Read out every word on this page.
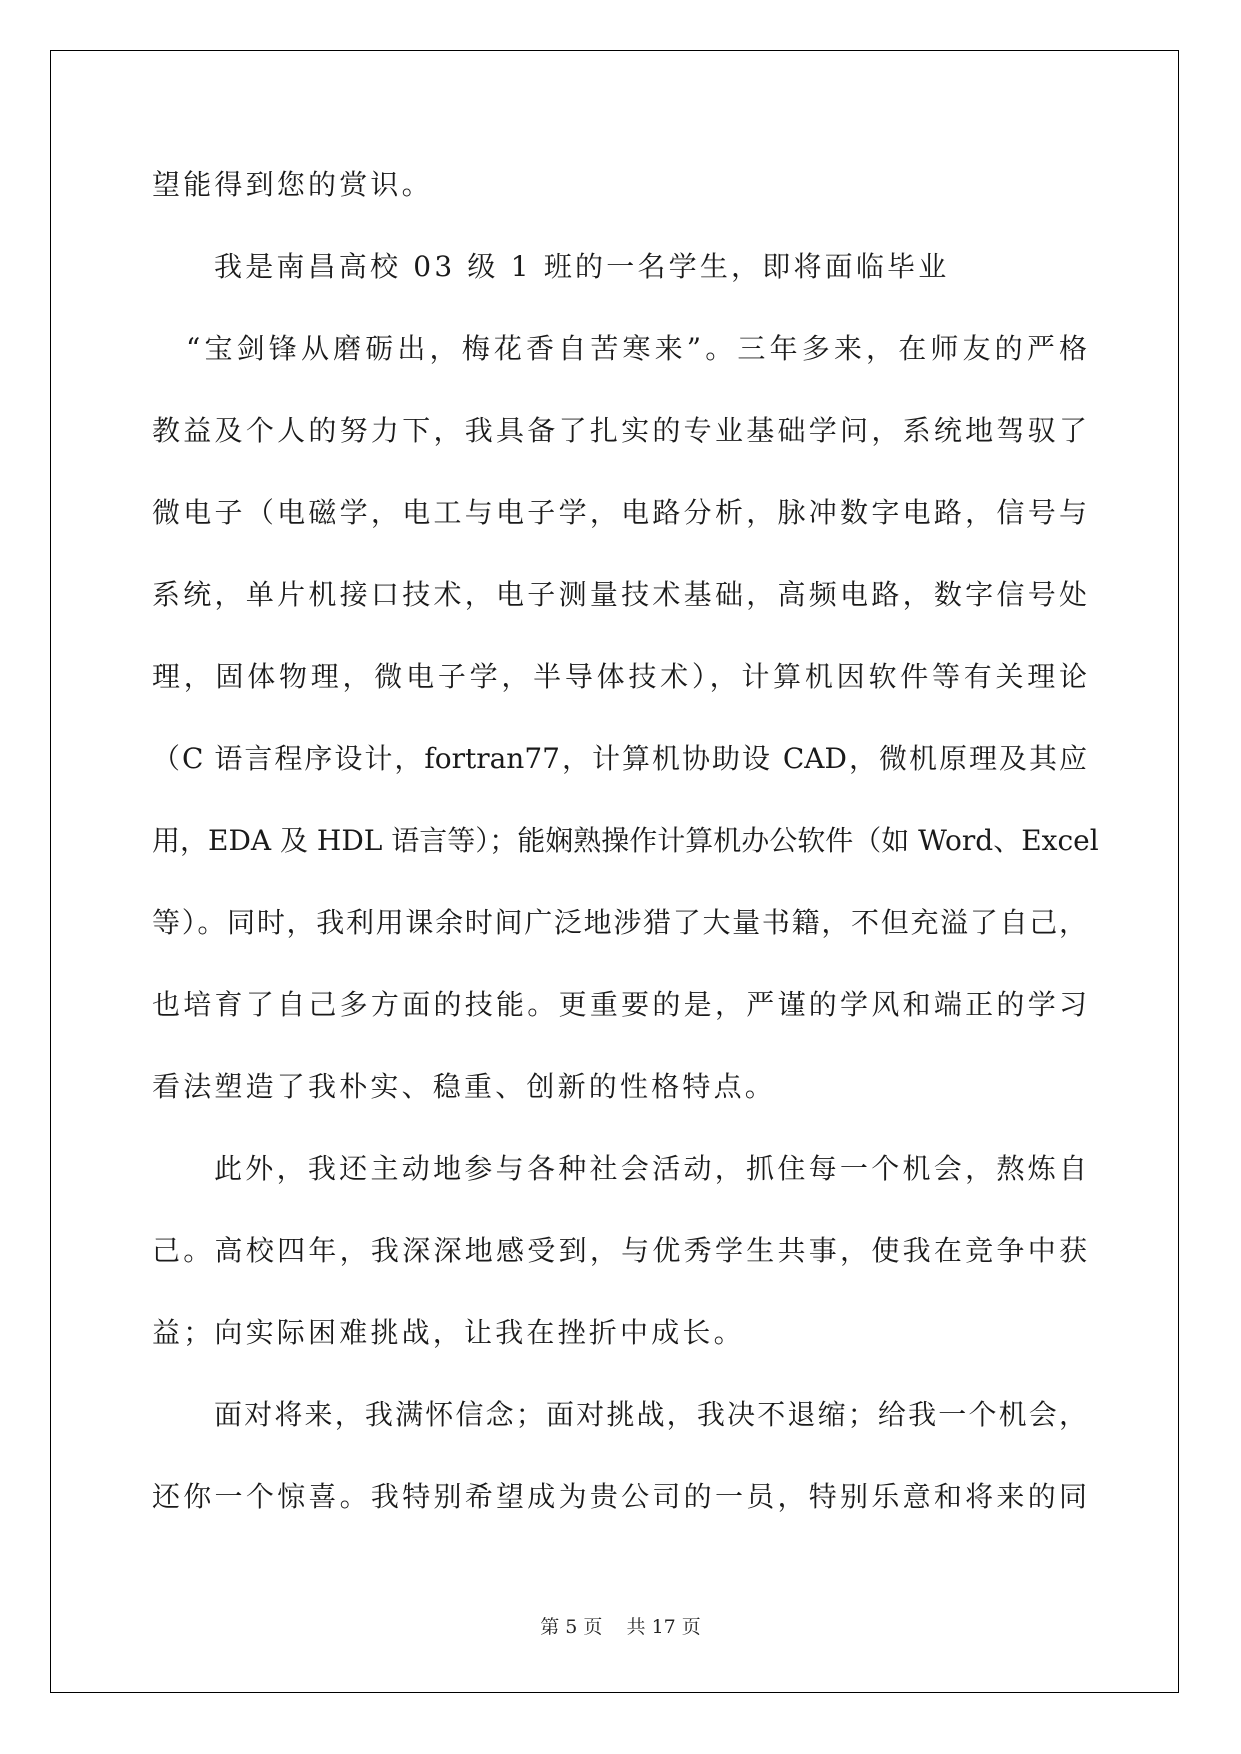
望能得到您的赏识。
我是南昌高校 03 级 1 班的一名学生，即将面临毕业
“宝剑锋从磨砺出，梅花香自苦寒来”。三年多来，在师友的严格
教益及个人的努力下，我具备了扎实的专业基础学问，系统地驾驭了
微电子（电磁学，电工与电子学，电路分析，脉冲数字电路，信号与
系统，单片机接口技术，电子测量技术基础，高频电路，数字信号处
理，固体物理，微电子学，半导体技术），计算机因软件等有关理论
（C 语言程序设计，fortran77，计算机协助设 CAD，微机原理及其应
用，EDA 及 HDL 语言等）；能娴熟操作计算机办公软件（如 Word、Excel
等）。同时，我利用课余时间广泛地涉猎了大量书籍，不但充溢了自己，
也培育了自己多方面的技能。更重要的是，严谨的学风和端正的学习
看法塑造了我朴实、稳重、创新的性格特点。
此外，我还主动地参与各种社会活动，抓住每一个机会，熬炼自
己。高校四年，我深深地感受到，与优秀学生共事，使我在竞争中获
益；向实际困难挑战，让我在挫折中成长。
面对将来，我满怀信念；面对挑战，我决不退缩；给我一个机会，
还你一个惊喜。我特别希望成为贵公司的一员，特别乐意和将来的同
第 5 页 共 17 页
